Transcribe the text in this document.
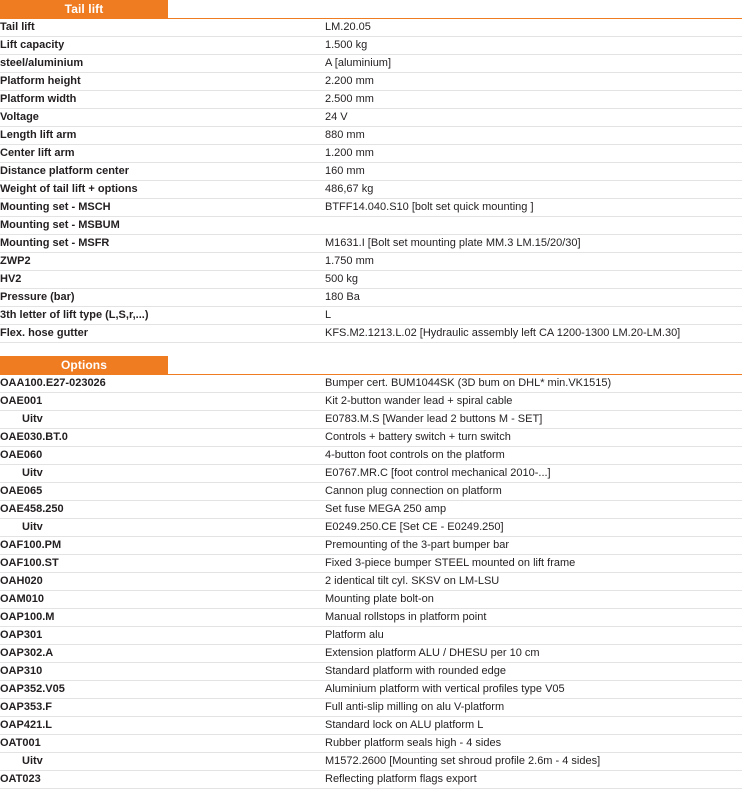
Tail lift
Tail lift	LM.20.05
Lift capacity	1.500 kg
steel/aluminium	A [aluminium]
Platform height	2.200 mm
Platform width	2.500 mm
Voltage	24 V
Length lift arm	880 mm
Center lift arm	1.200 mm
Distance platform center	160 mm
Weight of tail lift + options	486,67 kg
Mounting set - MSCH	BTFF14.040.S10 [bolt set quick mounting ]
Mounting set - MSBUM	
Mounting set - MSFR	M1631.I [Bolt set mounting plate MM.3 LM.15/20/30]
ZWP2	1.750 mm
HV2	500 kg
Pressure (bar)	180 Ba
3th letter of lift type (L,S,r,...)	L
Flex. hose gutter	KFS.M2.1213.L.02 [Hydraulic assembly left CA 1200-1300 LM.20-LM.30]
Options
OAA100.E27-023026	Bumper cert. BUM1044SK (3D bum on DHL* min.VK1515)
OAE001	Kit 2-button wander lead + spiral cable
Uitv	E0783.M.S [Wander lead 2 buttons M - SET]
OAE030.BT.0	Controls + battery switch + turn switch
OAE060	4-button foot controls on the platform
Uitv	E0767.MR.C [foot control mechanical 2010-...]
OAE065	Cannon plug connection on platform
OAE458.250	Set fuse MEGA 250 amp
Uitv	E0249.250.CE [Set CE - E0249.250]
OAF100.PM	Premounting of the 3-part bumper bar
OAF100.ST	Fixed 3-piece bumper STEEL mounted on lift frame
OAH020	2 identical tilt cyl. SKSV on LM-LSU
OAM010	Mounting plate bolt-on
OAP100.M	Manual rollstops in platform point
OAP301	Platform alu
OAP302.A	Extension platform ALU / DHESU per 10 cm
OAP310	Standard platform with rounded edge
OAP352.V05	Aluminium platform with vertical profiles type V05
OAP353.F	Full anti-slip milling on alu V-platform
OAP421.L	Standard lock on ALU platform L
OAT001	Rubber platform seals high - 4 sides
Uitv	M1572.2600 [Mounting set shroud profile 2.6m - 4 sides]
OAT023	Reflecting platform flags export
